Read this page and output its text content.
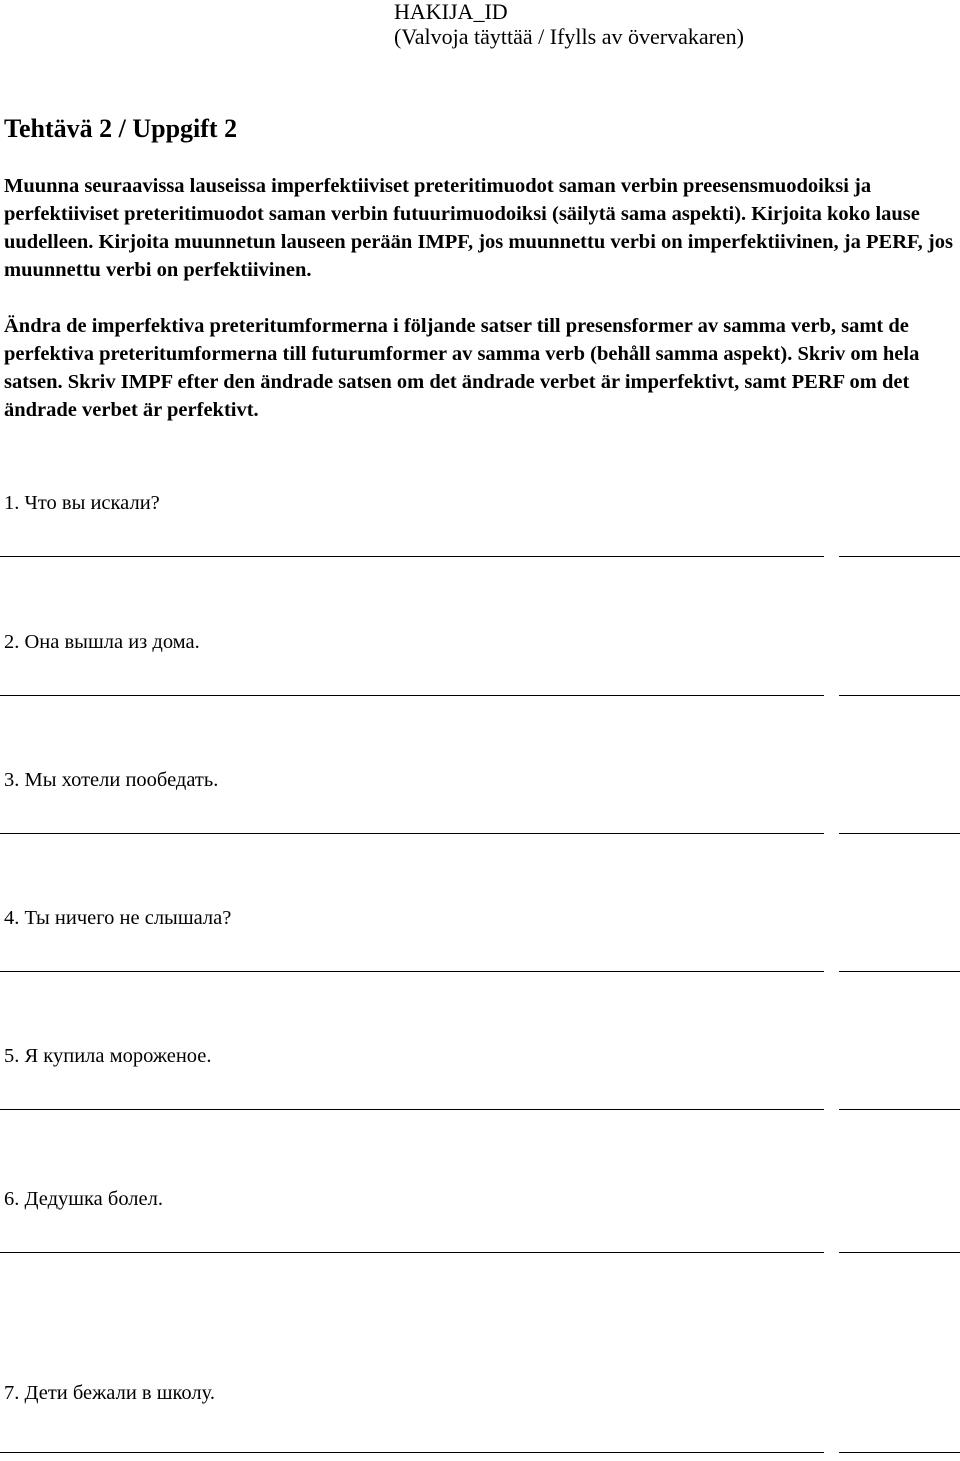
HAKIJA_ID
(Valvoja täyttää / Ifylls av övervakaren)
Tehtävä 2 / Uppgift 2
Muunna seuraavissa lauseissa imperfektiiviset preteritimuodot saman verbin preesensmuodoiksi ja perfektiiviset preteritimuodot saman verbin futuurimuodoiksi (säilytä sama aspekti). Kirjoita koko lause uudelleen. Kirjoita muunnetun lauseen perään IMPF, jos muunnettu verbi on imperfektiivinen, ja PERF, jos muunnettu verbi on perfektiivinen.
Ändra de imperfektiva preteritumformerna i följande satser till presensformer av samma verb, samt de perfektiva preteritumformerna till futurumformer av samma verb (behåll samma aspekt). Skriv om hela satsen. Skriv IMPF efter den ändrade satsen om det ändrade verbet är imperfektivt, samt PERF om det ändrade verbet är perfektivt.
1. Что вы искали?
2. Она вышла из дома.
3. Мы хотели пообедать.
4. Ты ничего не слышала?
5. Я купила мороженое.
6. Дедушка болел.
7. Дети бежали в школу.
